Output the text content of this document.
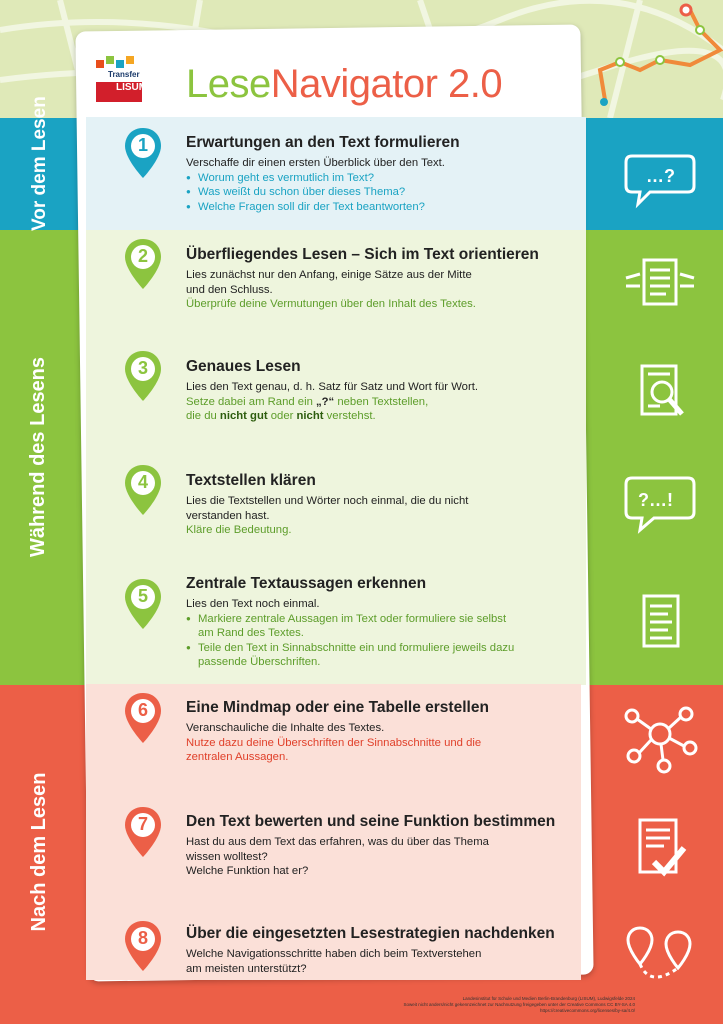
Vor dem Lesen
Während des Lesens
Nach dem Lesen
Transfer
LISUM LeseNavigator 2.0
1	Erwartungen an den Text formulieren

Verschaffe dir einen ersten Überblick über den Text.

● Worum geht es vermutlich im Text?
● Was weißt du schon über dieses Thema?
● Welche Fragen soll dir der Text beantworten?
2	Überfliegendes Lesen – Sich im Text orientieren

Lies zunächst nur den Anfang, einige Sätze aus der Mitte

und den Schluss.

Überprüfe deine Vermutungen über den Inhalt des Textes.

3	Genaues Lesen

Lies den Text genau, d. h. Satz für Satz und Wort für Wort.

Setze dabei am Rand ein „?“ neben Textstellen,

die du nicht gut oder nicht verstehst.

4	Textstellen klären

Lies die Textstellen und Wörter noch einmal, die du nicht

verstanden hast.

Kläre die Bedeutung.

5
Zentrale Textaussagen erkennen

Lies den Text noch einmal.

● Markiere zentrale Aussagen im Text oder formuliere sie selbst
am Rand des Textes.
● Teile den Text in Sinnabschnitte ein und formuliere jeweils dazu
passende Überschriften.
6	Eine Mindmap oder eine Tabelle erstellen

Veranschauliche die Inhalte des Textes.

Nutze dazu deine Überschriften der Sinnabschnitte und die

zentralen Aussagen.

7	Den Text bewerten und seine Funktion bestimmen

Hast du aus dem Text das erfahren, was du über das Thema

wissen wolltest?

Welche Funktion hat er?

8	Über die eingesetzten Lesestrategien nachdenken

Welche Navigationsschritte haben dich beim Textverstehen

am meisten unterstützt?

…?
?…!
Landesinstitut für Schule und Medien Berlin-Brandenburg (LISUM), Ludwigsfelde 2024
Soweit nicht anders/nicht gekennzeichnet zur Nachnutzung freigegeben unter der Creative Commons CC BY-SA 4.0 https://creativecommons.org/licenses/by-sa/4.0/
